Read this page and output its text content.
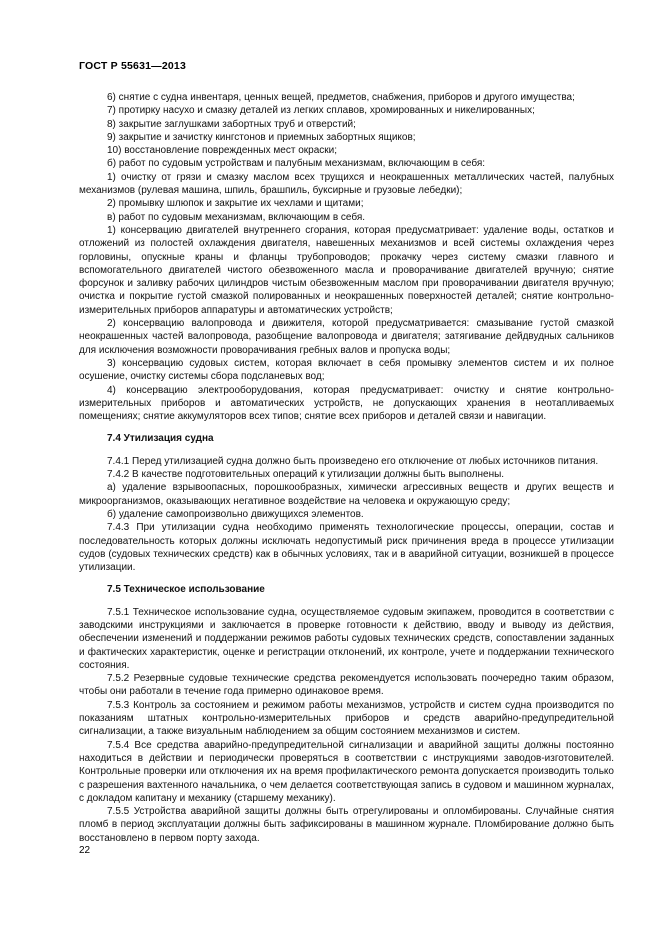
ГОСТ Р 55631—2013

6) снятие с судна инвентаря, ценных вещей, предметов, снабжения, приборов и другого имущества;

7) протирку насухо и смазку деталей из легких сплавов, хромированных и никелированных;

8) закрытие заглушками забортных труб и отверстий;

9) закрытие и зачистку кингстонов и приемных забортных ящиков;

10) восстановление поврежденных мест окраски;

б) работ по судовым устройствам и палубным механизмам, включающим в себя:

1) очистку от грязи и смазку маслом всех трущихся и неокрашенных металлических частей, палубных механизмов (рулевая машина, шпиль, брашпиль, буксирные и грузовые лебедки);

2) промывку шлюпок и закрытие их чехлами и щитами;

в) работ по судовым механизмам, включающим в себя.

1) консервацию двигателей внутреннего сгорания, которая предусматривает: удаление воды, остатков и отложений из полостей охлаждения двигателя, навешенных механизмов и всей системы охлаждения через горловины, опускные краны и фланцы трубопроводов; прокачку через систему смазки главного и вспомогательного двигателей чистого обезвоженного масла и проворачивание двигателей вручную; снятие форсунок и заливку рабочих цилиндров чистым обезвоженным маслом при проворачивании двигателя вручную; очистка и покрытие густой смазкой полированных и неокрашенных поверхностей деталей; снятие контрольно-измерительных приборов аппаратуры и автоматических устройств;

2) консервацию валопровода и движителя, которой предусматривается: смазывание густой смазкой неокрашенных частей валопровода, разобщение валопровода и двигателя; затягивание дейдвудных сальников для исключения возможности проворачивания гребных валов и пропуска воды;

3) консервацию судовых систем, которая включает в себя промывку элементов систем и их полное осушение, очистку системы сбора подсланевых вод;

4) консервацию электрооборудования, которая предусматривает: очистку и снятие контрольно-измерительных приборов и автоматических устройств, не допускающих хранения в неотапливаемых помещениях; снятие аккумуляторов всех типов; снятие всех приборов и деталей связи и навигации.

7.4 Утилизация судна

7.4.1 Перед утилизацией судна должно быть произведено его отключение от любых источников питания.

7.4.2 В качестве подготовительных операций к утилизации должны быть выполнены.

а) удаление взрывоопасных, порошкообразных, химически агрессивных веществ и других веществ и микроорганизмов, оказывающих негативное воздействие на человека и окружающую среду;

б) удаление самопроизвольно движущихся элементов.

7.4.3 При утилизации судна необходимо применять технологические процессы, операции, состав и последовательность которых должны исключать недопустимый риск причинения вреда в процессе утилизации судов (судовых технических средств) как в обычных условиях, так и в аварийной ситуации, возникшей в процессе утилизации.

7.5 Техническое использование

7.5.1 Техническое использование судна, осуществляемое судовым экипажем, проводится в соответствии с заводскими инструкциями и заключается в проверке готовности к действию, вводу и выводу из действия, обеспечении изменений и поддержании режимов работы судовых технических средств, сопоставлении заданных и фактических характеристик, оценке и регистрации отклонений, их контроле, учете и поддержании технического состояния.

7.5.2 Резервные судовые технические средства рекомендуется использовать поочередно таким образом, чтобы они работали в течение года примерно одинаковое время.

7.5.3 Контроль за состоянием и режимом работы механизмов, устройств и систем судна производится по показаниям штатных контрольно-измерительных приборов и средств аварийно-предупредительной сигнализации, а также визуальным наблюдением за общим состоянием механизмов и систем.

7.5.4 Все средства аварийно-предупредительной сигнализации и аварийной защиты должны постоянно находиться в действии и периодически проверяться в соответствии с инструкциями заводов-изготовителей. Контрольные проверки или отключения их на время профилактического ремонта допускается производить только с разрешения вахтенного начальника, о чем делается соответствующая запись в судовом и машинном журналах, с докладом капитану и механику (старшему механику).

7.5.5 Устройства аварийной защиты должны быть отрегулированы и опломбированы. Случайные снятия пломб в период эксплуатации должны быть зафиксированы в машинном журнале. Пломбирование должно быть восстановлено в первом порту захода.

22
